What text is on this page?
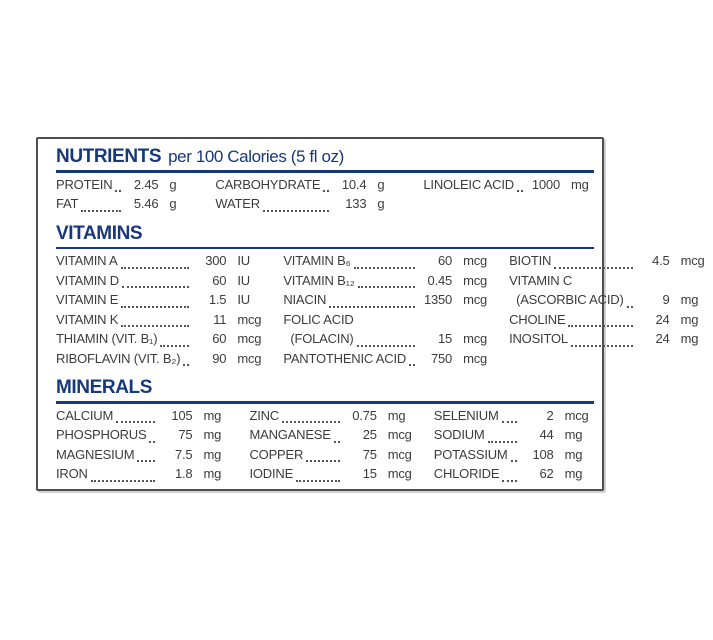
NUTRIENTS per 100 Calories (5 fl oz)
PROTEIN	2.45 g
FAT	5.46 g
CARBOHYDRATE	10.4 g
WATER	133 g
LINOLEIC ACID	1000 mg
VITAMINS
VITAMIN A	300 IU
VITAMIN D	60 IU
VITAMIN E	1.5 IU
VITAMIN K	11 mcg
THIAMIN (VIT. B₁)	60 mcg
RIBOFLAVIN (VIT. B₂)	90 mcg
VITAMIN B₆	60 mcg
VITAMIN B₁₂	0.45 mcg
NIACIN	1350 mcg
FOLIC ACID
(FOLACIN)	15 mcg
PANTOTHENIC ACID	750 mcg
BIOTIN	4.5 mcg
VITAMIN C
(ASCORBIC ACID)	9 mg
CHOLINE	24 mg
INOSITOL	24 mg
MINERALS
CALCIUM	105 mg
PHOSPHORUS	75 mg
MAGNESIUM	7.5 mg
IRON	1.8 mg
ZINC	0.75 mg
MANGANESE	25 mcg
COPPER	75 mcg
IODINE	15 mcg
SELENIUM	2 mcg
SODIUM	44 mg
POTASSIUM	108 mg
CHLORIDE	62 mg
